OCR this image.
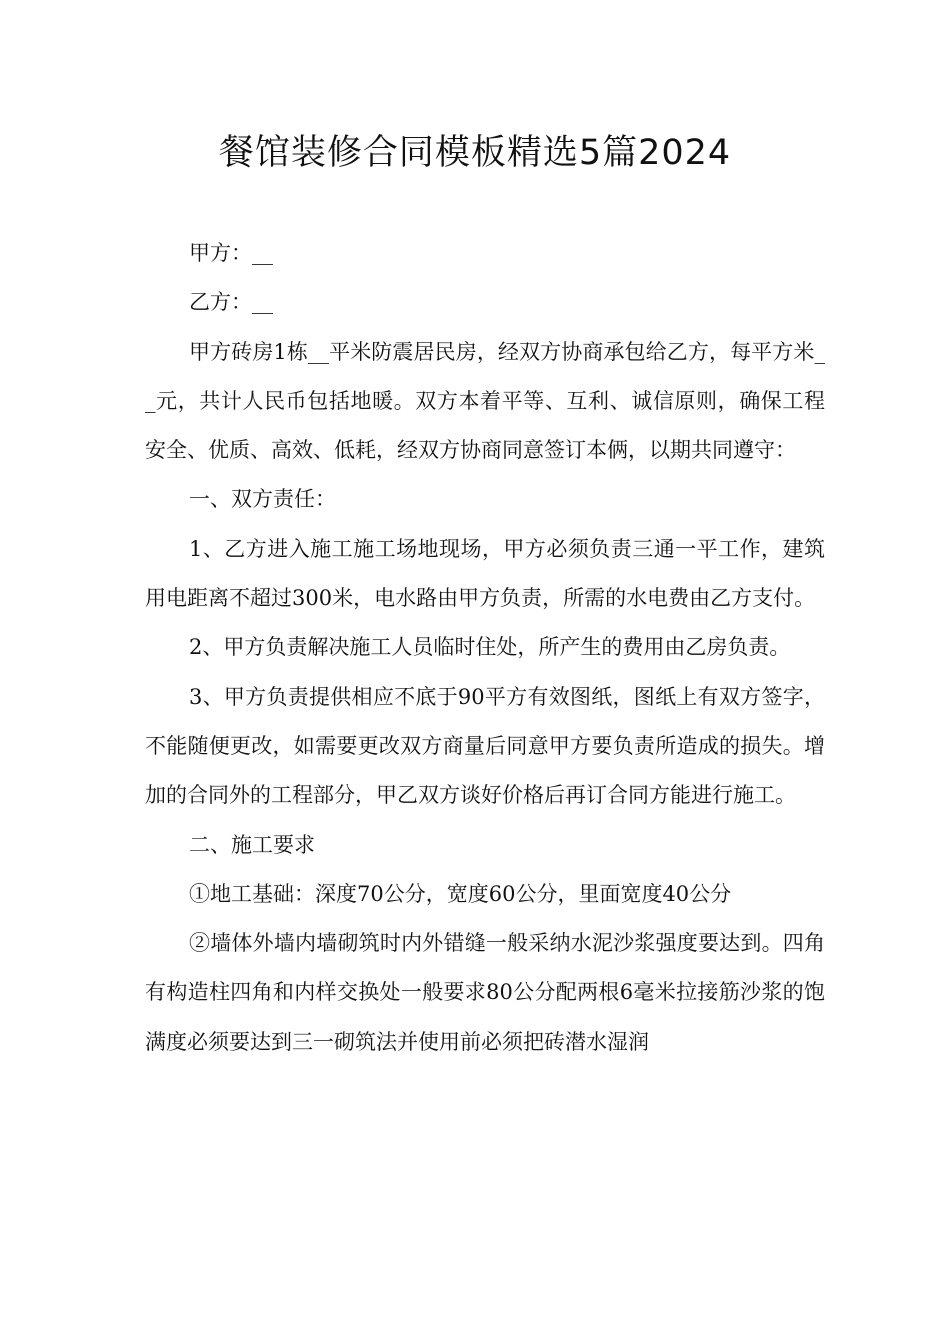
餐馆装修合同模板精选5篇2024

甲方：__

乙方：__

甲方砖房1栋__平米防震居民房，经双方协商承包给乙方，每平方米__元，共计人民币包括地暖。双方本着平等、互利、诚信原则，确保工程安全、优质、高效、低耗，经双方协商同意签订本俩，以期共同遵守：

一、双方责任：

1、乙方进入施工施工场地现场，甲方必须负责三通一平工作，建筑用电距离不超过300米，电水路由甲方负责，所需的水电费由乙方支付。

2、甲方负责解决施工人员临时住处，所产生的费用由乙房负责。

3、甲方负责提供相应不底于90平方有效图纸，图纸上有双方签字，不能随便更改，如需要更改双方商量后同意甲方要负责所造成的损失。增加的合同外的工程部分，甲乙双方谈好价格后再订合同方能进行施工。

二、施工要求

①地工基础：深度70公分，宽度60公分，里面宽度40公分

②墙体外墙内墙砌筑时内外错缝一般采纳水泥沙浆强度要达到。四角有构造柱四角和内样交换处一般要求80公分配两根6毫米拉接筋沙浆的饱满度必须要达到三一砌筑法并使用前必须把砖潜水湿润
